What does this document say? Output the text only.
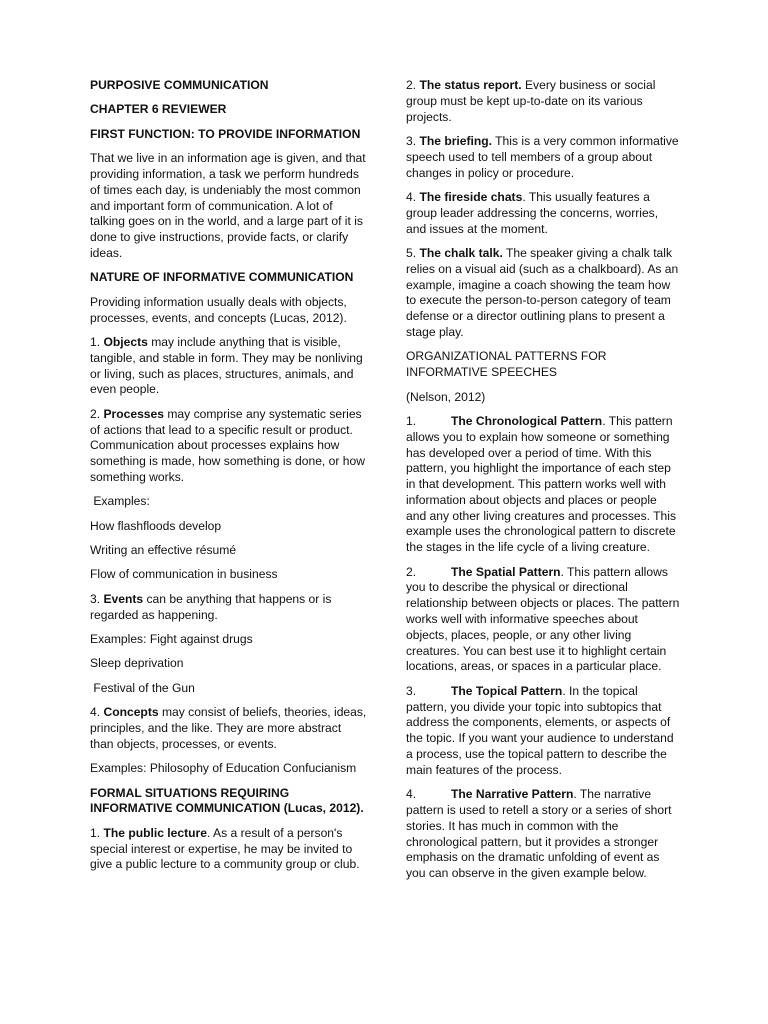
PURPOSIVE COMMUNICATION

CHAPTER 6 REVIEWER

FIRST FUNCTION: TO PROVIDE INFORMATION

That we live in an information age is given, and that providing information, a task we perform hundreds of times each day, is undeniably the most common and important form of communication. A lot of talking goes on in the world, and a large part of it is done to give instructions, provide facts, or clarify ideas.

NATURE OF INFORMATIVE COMMUNICATION

Providing information usually deals with objects, processes, events, and concepts (Lucas, 2012).

1. Objects may include anything that is visible, tangible, and stable in form. They may be nonliving or living, such as places, structures, animals, and even people.

2. Processes may comprise any systematic series of actions that lead to a specific result or product. Communication about processes explains how something is made, how something is done, or how something works.

Examples:

How flashfloods develop

Writing an effective résumé

Flow of communication in business

3. Events can be anything that happens or is regarded as happening.

Examples: Fight against drugs

Sleep deprivation

Festival of the Gun

4. Concepts may consist of beliefs, theories, ideas, principles, and the like. They are more abstract than objects, processes, or events.

Examples: Philosophy of Education Confucianism

FORMAL SITUATIONS REQUIRING INFORMATIVE COMMUNICATION (Lucas, 2012).

1. The public lecture. As a result of a person's special interest or expertise, he may be invited to give a public lecture to a community group or club.

2. The status report. Every business or social group must be kept up-to-date on its various projects.

3. The briefing. This is a very common informative speech used to tell members of a group about changes in policy or procedure.

4. The fireside chats. This usually features a group leader addressing the concerns, worries, and issues at the moment.

5. The chalk talk. The speaker giving a chalk talk relies on a visual aid (such as a chalkboard). As an example, imagine a coach showing the team how to execute the person-to-person category of team defense or a director outlining plans to present a stage play.

ORGANIZATIONAL PATTERNS FOR INFORMATIVE SPEECHES

(Nelson, 2012)

1.	The Chronological Pattern. This pattern allows you to explain how someone or something has developed over a period of time. With this pattern, you highlight the importance of each step in that development. This pattern works well with information about objects and places or people and any other living creatures and processes. This example uses the chronological pattern to discrete the stages in the life cycle of a living creature.

2.	The Spatial Pattern. This pattern allows you to describe the physical or directional relationship between objects or places. The pattern works well with informative speeches about objects, places, people, or any other living creatures. You can best use it to highlight certain locations, areas, or spaces in a particular place.

3.	The Topical Pattern. In the topical pattern, you divide your topic into subtopics that address the components, elements, or aspects of the topic. If you want your audience to understand a process, use the topical pattern to describe the main features of the process.

4.	The Narrative Pattern. The narrative pattern is used to retell a story or a series of short stories. It has much in common with the chronological pattern, but it provides a stronger emphasis on the dramatic unfolding of event as you can observe in the given example below.
